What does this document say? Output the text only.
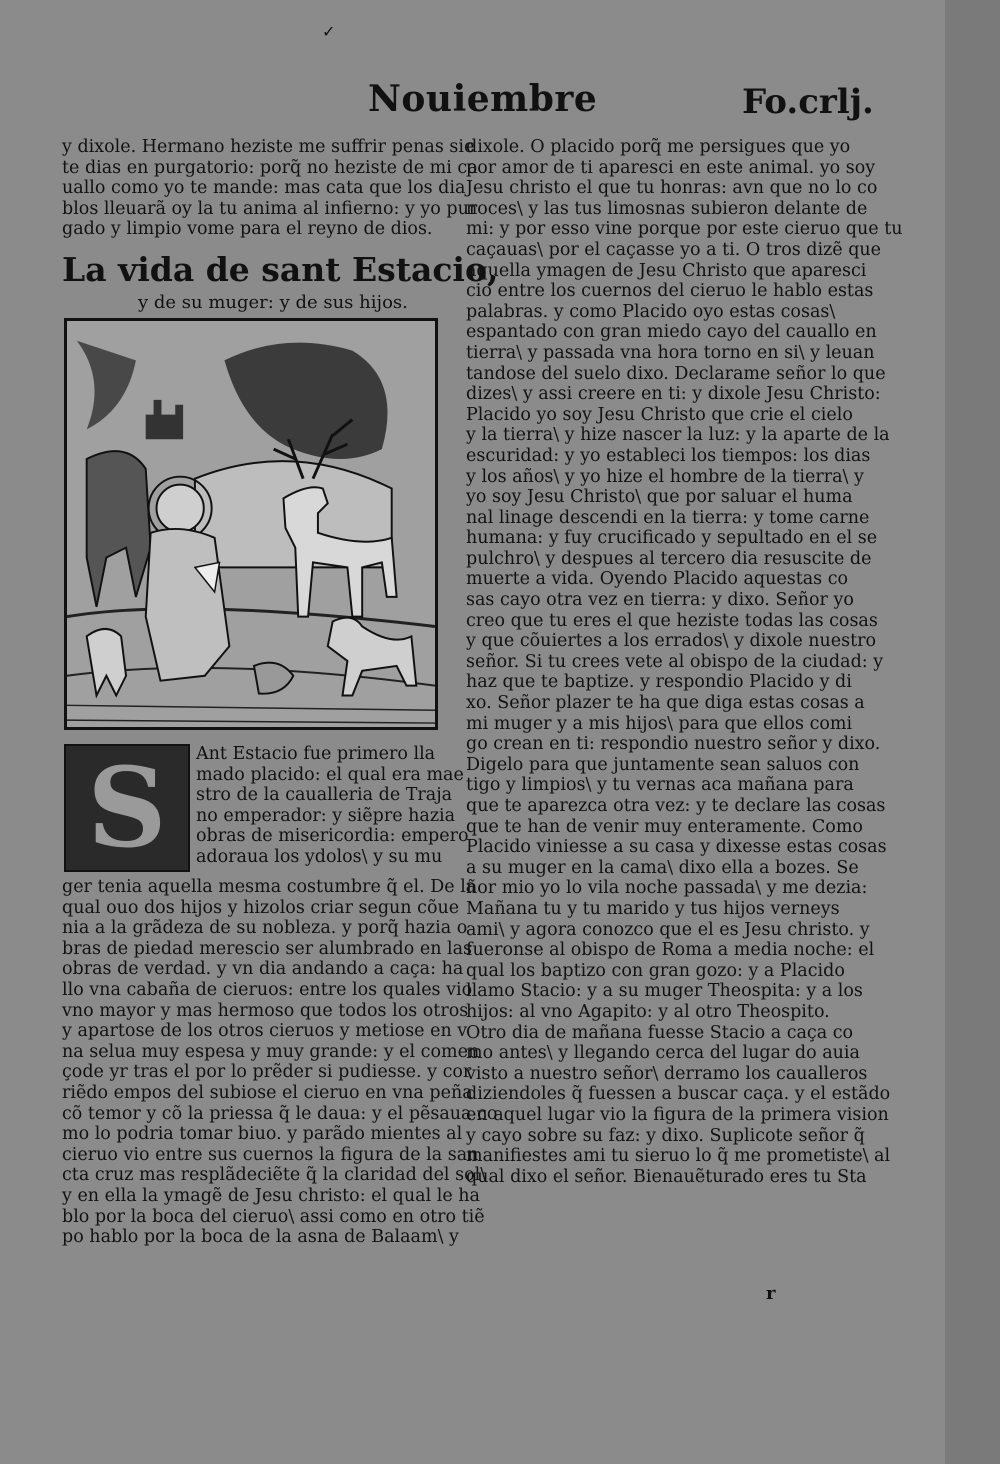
✓
Nouiembre	Fo.crlj.
y dixole. Hermano heziste me suffrir penas sie
te dias en purgatorio: porq̃ no heziste de mi ca
uallo como yo te mande: mas cata que los dia
blos lleuarã oy la tu anima al infierno: y yo pur
gado y limpio vome para el reyno de dios.
La vida de sant Estacio,
y de su muger: y de sus hijos.
S Ant Estacio fue primero lla
mado placido: el qual era mae
stro de la caualleria de Traja
no emperador: y siẽpre hazia
obras de misericordia: empero
adoraua los ydolos\ y su mu
ger tenia aquella mesma costumbre q̃ el. De la
qual ouo dos hijos y hizolos criar segun cõue
nia a la grãdeza de su nobleza. y porq̃ hazia o
bras de piedad merescio ser alumbrado en las
obras de verdad. y vn dia andando a caça: ha
llo vna cabaña de cieruos: entre los quales vio
vno mayor y mas hermoso que todos los otros
y apartose de los otros cieruos y metiose en v
na selua muy espesa y muy grande: y el comen
çode yr tras el por lo prẽder si pudiesse. y cor
riẽdo empos del subiose el cieruo en vna peña
cõ temor y cõ la priessa q̃ le daua: y el pẽsaua co
mo lo podria tomar biuo. y parãdo mientes al
cieruo vio entre sus cuernos la figura de la san
cta cruz mas resplãdeciẽte q̃ la claridad del sol\
y en ella la ymagẽ de Jesu christo: el qual le ha
blo por la boca del cieruo\ assi como en otro tiẽ
po hablo por la boca de la asna de Balaam\ y
dixole. O placido porq̃ me persigues que yo
por amor de ti aparesci en este animal. yo soy
Jesu christo el que tu honras: avn que no lo co
noces\ y las tus limosnas subieron delante de
mi: y por esso vine porque por este cieruo que tu
caçauas\ por el caçasse yo a ti. O tros dizẽ que
aquella ymagen de Jesu Christo que aparesci
cio entre los cuernos del cieruo le hablo estas
palabras. y como Placido oyo estas cosas\
espantado con gran miedo cayo del cauallo en
tierra\ y passada vna hora torno en si\ y leuan
tandose del suelo dixo. Declarame señor lo que
dizes\ y assi creere en ti: y dixole Jesu Christo:
Placido yo soy Jesu Christo que crie el cielo
y la tierra\ y hize nascer la luz: y la aparte de la
escuridad: y yo estableci los tiempos: los dias
y los años\ y yo hize el hombre de la tierra\ y
yo soy Jesu Christo\ que por saluar el huma
nal linage descendi en la tierra: y tome carne
humana: y fuy crucificado y sepultado en el se
pulchro\ y despues al tercero dia resuscite de
muerte a vida. Oyendo Placido aquestas co
sas cayo otra vez en tierra: y dixo. Señor yo
creo que tu eres el que heziste todas las cosas
y que cõuiertes a los errados\ y dixole nuestro
señor. Si tu crees vete al obispo de la ciudad: y
haz que te baptize. y respondio Placido y di
xo. Señor plazer te ha que diga estas cosas a
mi muger y a mis hijos\ para que ellos comi
go crean en ti: respondio nuestro señor y dixo.
Digelo para que juntamente sean saluos con
tigo y limpios\ y tu vernas aca mañana para
que te aparezca otra vez: y te declare las cosas
que te han de venir muy enteramente. Como
Placido viniesse a su casa y dixesse estas cosas
a su muger en la cama\ dixo ella a bozes. Se
ñor mio yo lo vila noche passada\ y me dezia:
Mañana tu y tu marido y tus hijos verneys
ami\ y agora conozco que el es Jesu christo. y
fueronse al obispo de Roma a media noche: el
qual los baptizo con gran gozo: y a Placido
llamo Stacio: y a su muger Theospita: y a los
hijos: al vno Agapito: y al otro Theospito.
Otro dia de mañana fuesse Stacio a caça co
mo antes\ y llegando cerca del lugar do auia
visto a nuestro señor\ derramo los caualleros
diziendoles q̃ fuessen a buscar caça. y el estãdo
en aquel lugar vio la figura de la primera vision
y cayo sobre su faz: y dixo. Suplicote señor q̃
manifiestes ami tu sieruo lo q̃ me prometiste\ al
qual dixo el señor. Bienauẽturado eres tu Sta
r
